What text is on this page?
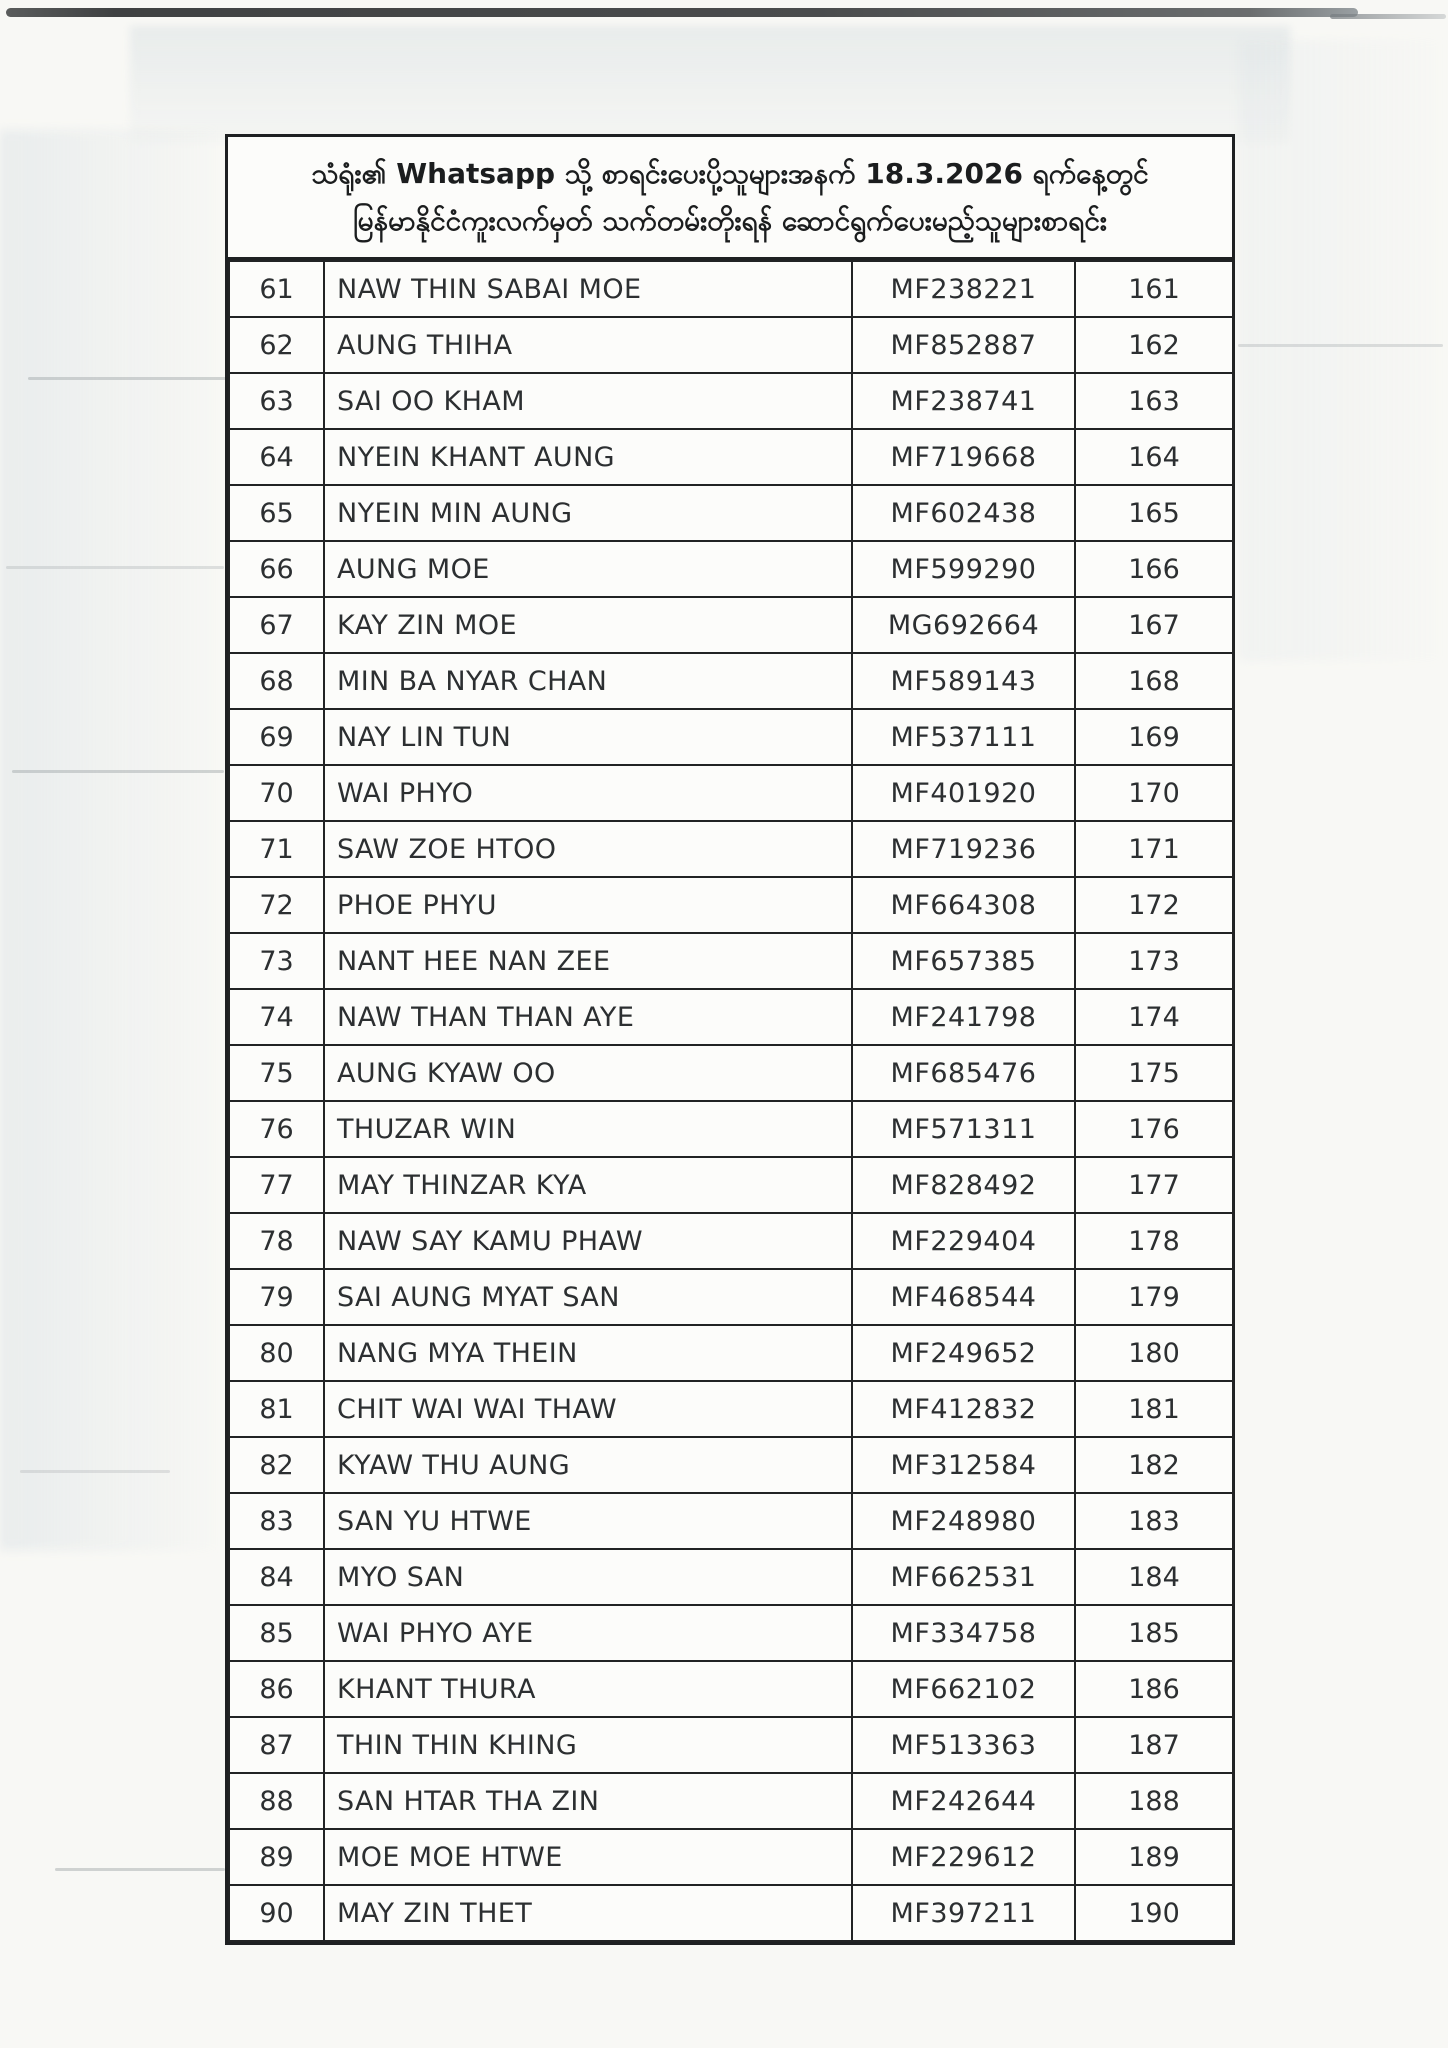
သံရုံး၏ Whatsapp သို့ စာရင်းပေးပို့သူများအနက် 18.3.2026 ရက်နေ့တွင်
မြန်မာနိုင်ငံကူးလက်မှတ် သက်တမ်းတိုးရန် ဆောင်ရွက်ပေးမည့်သူများစာရင်း
61	NAW THIN SABAI MOE	MF238221	161
62	AUNG THIHA	MF852887	162
63	SAI OO KHAM	MF238741	163
64	NYEIN KHANT AUNG	MF719668	164
65	NYEIN MIN AUNG	MF602438	165
66	AUNG MOE	MF599290	166
67	KAY ZIN MOE	MG692664	167
68	MIN BA NYAR CHAN	MF589143	168
69	NAY LIN TUN	MF537111	169
70	WAI PHYO	MF401920	170
71	SAW ZOE HTOO	MF719236	171
72	PHOE PHYU	MF664308	172
73	NANT HEE NAN ZEE	MF657385	173
74	NAW THAN THAN AYE	MF241798	174
75	AUNG KYAW OO	MF685476	175
76	THUZAR WIN	MF571311	176
77	MAY THINZAR KYA	MF828492	177
78	NAW SAY KAMU PHAW	MF229404	178
79	SAI AUNG MYAT SAN	MF468544	179
80	NANG MYA THEIN	MF249652	180
81	CHIT WAI WAI THAW	MF412832	181
82	KYAW THU AUNG	MF312584	182
83	SAN YU HTWE	MF248980	183
84	MYO SAN	MF662531	184
85	WAI PHYO AYE	MF334758	185
86	KHANT THURA	MF662102	186
87	THIN THIN KHING	MF513363	187
88	SAN HTAR THA ZIN	MF242644	188
89	MOE MOE HTWE	MF229612	189
90	MAY ZIN THET	MF397211	190
